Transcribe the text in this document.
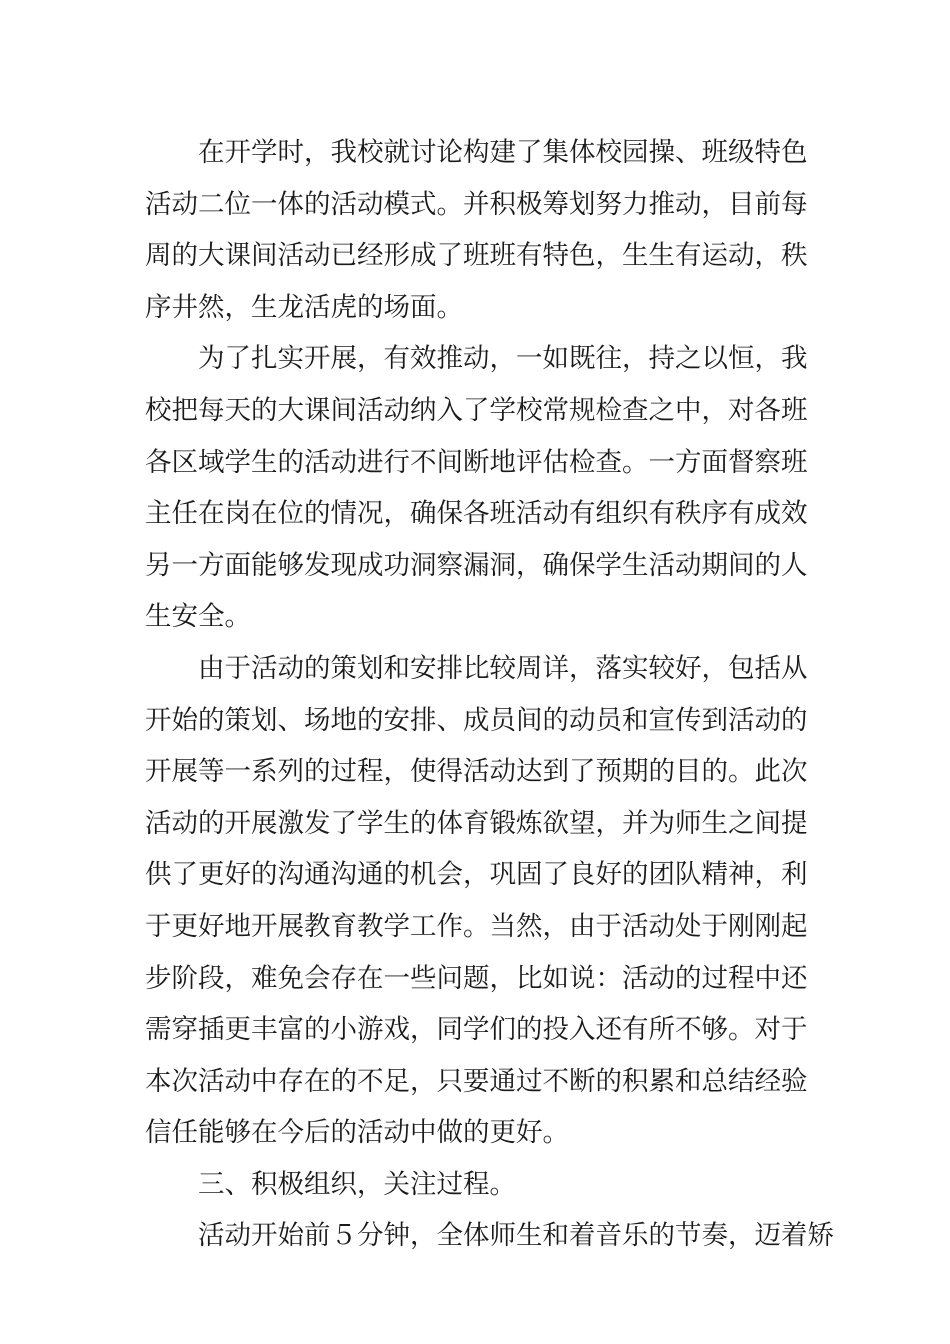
在开学时，我校就讨论构建了集体校园操、班级特色
活动二位一体的活动模式。并积极筹划努力推动，目前每
周的大课间活动已经形成了班班有特色，生生有运动，秩
序井然，生龙活虎的场面。
为了扎实开展，有效推动，一如既往，持之以恒，我
校把每天的大课间活动纳入了学校常规检查之中，对各班
各区域学生的活动进行不间断地评估检查。一方面督察班
主任在岗在位的情况，确保各班活动有组织有秩序有成效
另一方面能够发现成功洞察漏洞，确保学生活动期间的人
生安全。
由于活动的策划和安排比较周详，落实较好，包括从
开始的策划、场地的安排、成员间的动员和宣传到活动的
开展等一系列的过程，使得活动达到了预期的目的。此次
活动的开展激发了学生的体育锻炼欲望，并为师生之间提
供了更好的沟通沟通的机会，巩固了良好的团队精神，利
于更好地开展教育教学工作。当然，由于活动处于刚刚起
步阶段，难免会存在一些问题，比如说：活动的过程中还
需穿插更丰富的小游戏，同学们的投入还有所不够。对于
本次活动中存在的不足，只要通过不断的积累和总结经验
信任能够在今后的活动中做的更好。
三、积极组织，关注过程。
活动开始前５分钟，全体师生和着音乐的节奏，迈着矫
